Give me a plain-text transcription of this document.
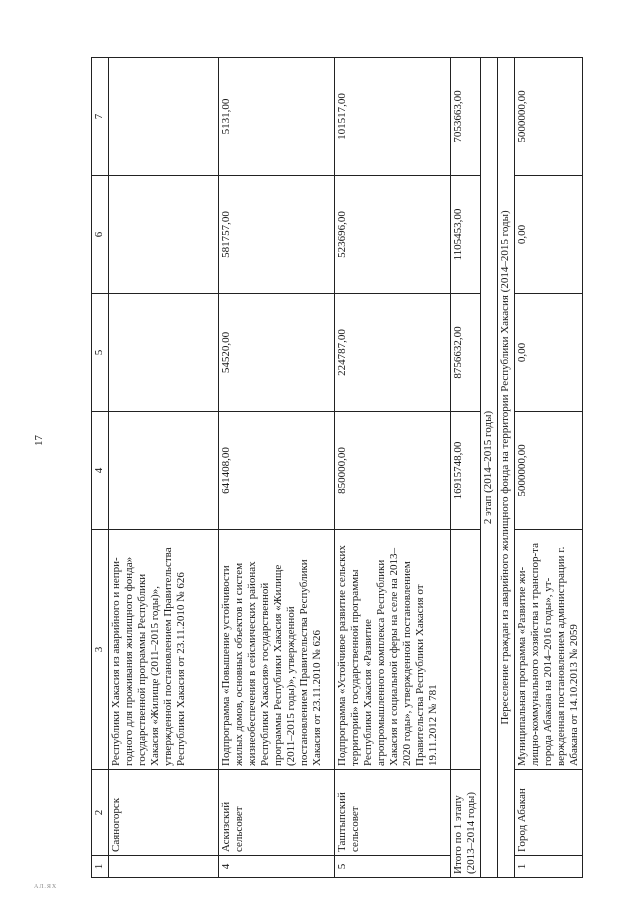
17
AЛ.ЯХ
1	2	3	4	5	6	7
	Саяногорск	Республики Хакасия из аварийного и непри-годного для проживания жилищного фонда» государственной программы Республики Хакасия «Жилище (2011–2015 годы)», утвержденной постановлением Правительства Республики Хакасия от 23.11.2010 № 626				
4	Аскизский сельсовет	Подпрограмма «Повышение устойчивости жилых домов, основных объектов и систем жизнеобеспечения в сейсмических районах Республики Хакасия» государственной программы Республики Хакасия «Жилище (2011–2015 годы)», утвержденной постановлением Правительства Республики Хакасия от 23.11.2010 № 626	641408,00	54520,00	581757,00	5131,00
5	Таштыпский сельсовет	Подпрограмма «Устойчивое развитие сельских территорий» государственной программы Республики Хакасия «Развитие агропромышленного комплекса Республики Хакасия и социальной сферы на селе на 2013–2020 годы», утвержденной постановлением Правительства Республики Хакасия от 19.11.2012 № 781	850000,00	224787,00	523696,00	101517,00
Итого по 1 этапу (2013–2014 годы)			16915748,00	8756632,00	1105453,00	7053663,00
2 этап (2014–2015 годы)						
Переселение граждан из аварийного жилищного фонда на территории Республики Хакасия (2014–2015 годы)						
1	Город Абакан	Муниципальная программа «Развитие жи-лищно-коммунального хозяйства и транспор-та города Абакана на 2014–2016 годы», ут-вержденная постановлением администрации г. Абакана от 14.10.2013 № 2059	5000000,00	0,00	0,00	5000000,00
